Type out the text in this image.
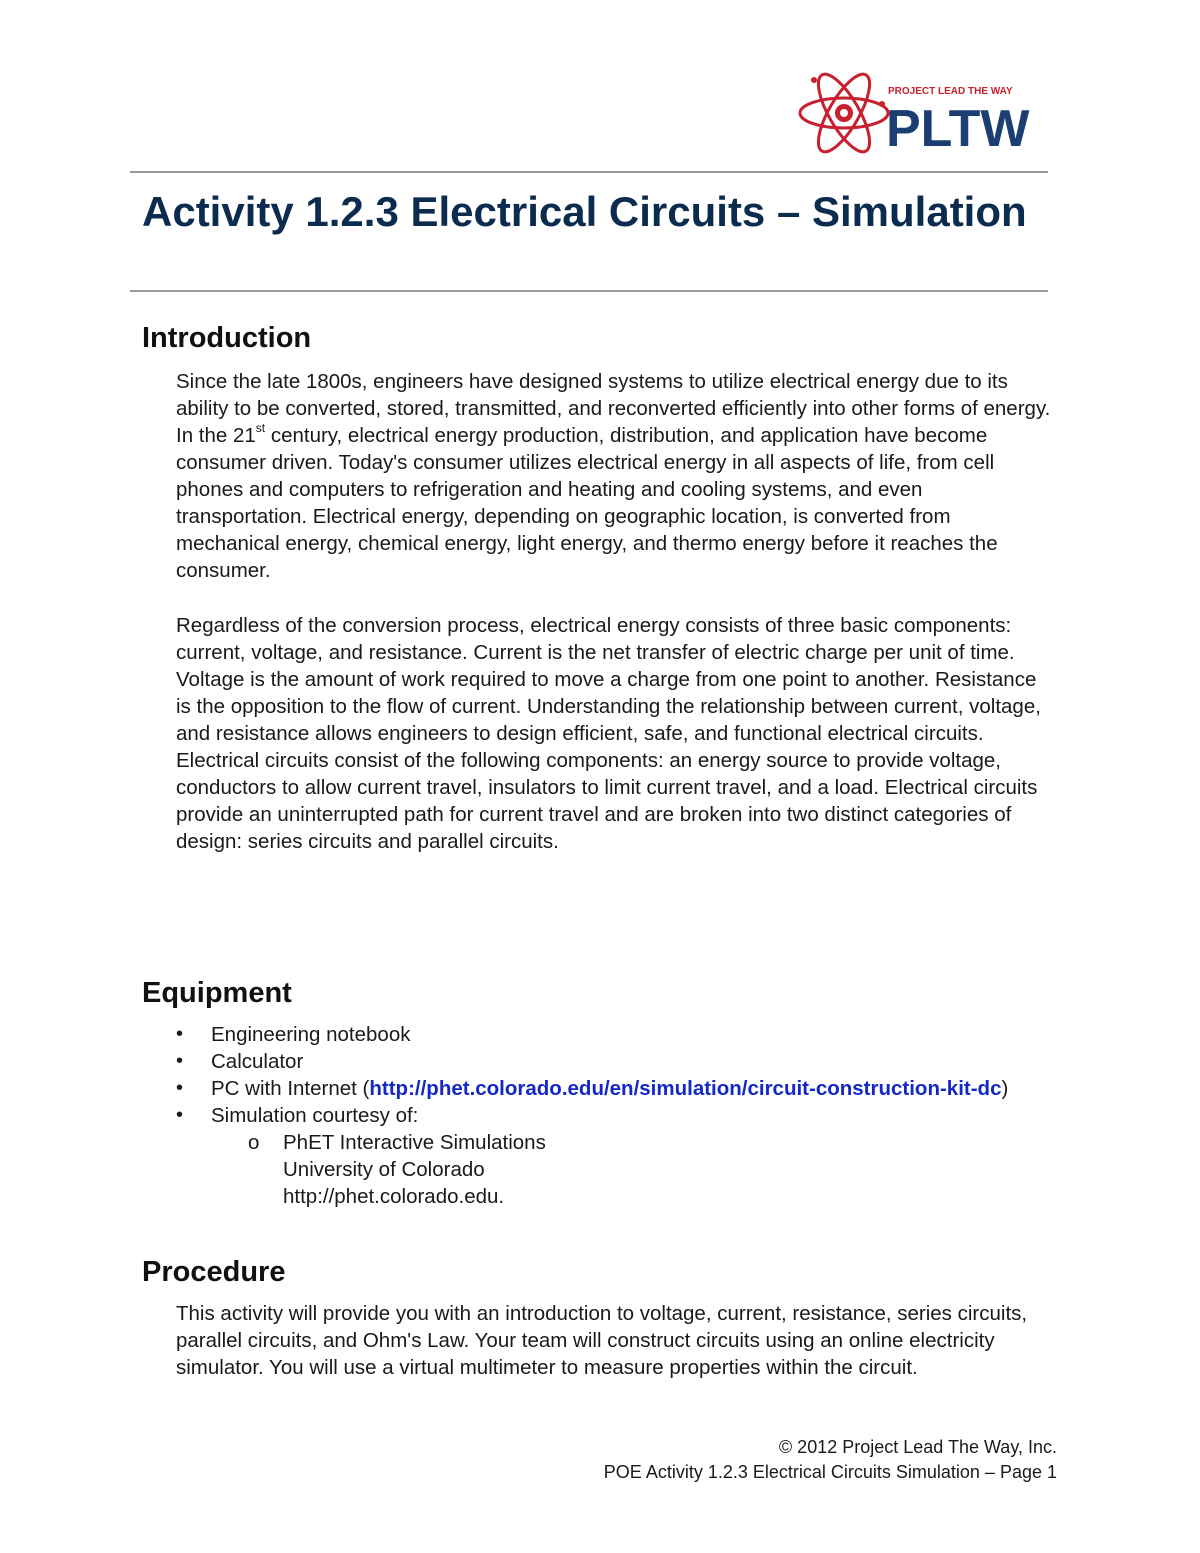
PROJECT LEAD THE WAY
PLTW
Activity 1.2.3 Electrical Circuits – Simulation
Introduction

Since the late 1800s, engineers have designed systems to utilize electrical energy due to its ability to be converted, stored, transmitted, and reconverted efficiently into other forms of energy. In the 21st century, electrical energy production, distribution, and application have become consumer driven. Today's consumer utilizes electrical energy in all aspects of life, from cell phones and computers to refrigeration and heating and cooling systems, and even transportation. Electrical energy, depending on geographic location, is converted from mechanical energy, chemical energy, light energy, and thermo energy before it reaches the consumer.

Regardless of the conversion process, electrical energy consists of three basic components: current, voltage, and resistance. Current is the net transfer of electric charge per unit of time. Voltage is the amount of work required to move a charge from one point to another. Resistance is the opposition to the flow of current. Understanding the relationship between current, voltage, and resistance allows engineers to design efficient, safe, and functional electrical circuits. Electrical circuits consist of the following components: an energy source to provide voltage, conductors to allow current travel, insulators to limit current travel, and a load. Electrical circuits provide an uninterrupted path for current travel and are broken into two distinct categories of design: series circuits and parallel circuits.

Equipment
• Engineering notebook
• Calculator
• PC with Internet (http://phet.colorado.edu/en/simulation/circuit-construction-kit-dc)
• Simulation courtesy of:
o PhET Interactive Simulations
University of Colorado
http://phet.colorado.edu.
Procedure

This activity will provide you with an introduction to voltage, current, resistance, series circuits, parallel circuits, and Ohm's Law. Your team will construct circuits using an online electricity simulator. You will use a virtual multimeter to measure properties within the circuit.

© 2012 Project Lead The Way, Inc.
POE Activity 1.2.3 Electrical Circuits Simulation – Page 1
